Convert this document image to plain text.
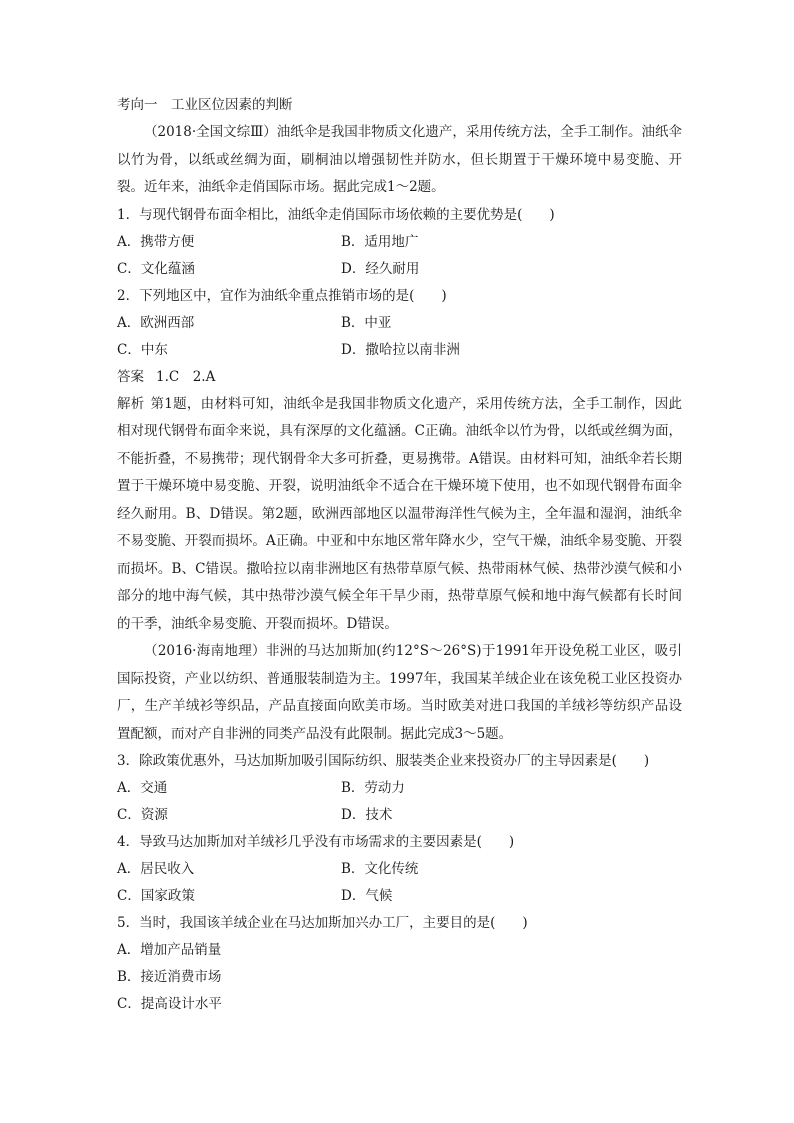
考向一　工业区位因素的判断

（2018·全国文综Ⅲ）油纸伞是我国非物质文化遗产，采用传统方法，全手工制作。油纸伞以竹为骨，以纸或丝绸为面，刷桐油以增强韧性并防水，但长期置于干燥环境中易变脆、开裂。近年来，油纸伞走俏国际市场。据此完成1～2题。

1．与现代钢骨布面伞相比，油纸伞走俏国际市场依赖的主要优势是(　　)
A．携带方便	B．适用地广
C．文化蕴涵	D．经久耐用
2．下列地区中，宜作为油纸伞重点推销市场的是(　　)
A．欧洲西部	B．中亚
C．中东	D．撒哈拉以南非洲
答案 1.C　2.A

解析 第1题，由材料可知，油纸伞是我国非物质文化遗产，采用传统方法，全手工制作，因此相对现代钢骨布面伞来说，具有深厚的文化蕴涵。C正确。油纸伞以竹为骨，以纸或丝绸为面，不能折叠，不易携带；现代钢骨伞大多可折叠，更易携带。A错误。由材料可知，油纸伞若长期置于干燥环境中易变脆、开裂，说明油纸伞不适合在干燥环境下使用，也不如现代钢骨布面伞经久耐用。B、D错误。第2题，欧洲西部地区以温带海洋性气候为主，全年温和湿润，油纸伞不易变脆、开裂而损坏。A正确。中亚和中东地区常年降水少，空气干燥，油纸伞易变脆、开裂而损坏。B、C错误。撒哈拉以南非洲地区有热带草原气候、热带雨林气候、热带沙漠气候和小部分的地中海气候，其中热带沙漠气候全年干旱少雨，热带草原气候和地中海气候都有长时间的干季，油纸伞易变脆、开裂而损坏。D错误。

（2016·海南地理）非洲的马达加斯加(约12°S～26°S)于1991年开设免税工业区，吸引国际投资，产业以纺织、普通服装制造为主。1997年，我国某羊绒企业在该免税工业区投资办厂，生产羊绒衫等织品，产品直接面向欧美市场。当时欧美对进口我国的羊绒衫等纺织产品设置配额，而对产自非洲的同类产品没有此限制。据此完成3～5题。

3．除政策优惠外，马达加斯加吸引国际纺织、服装类企业来投资办厂的主导因素是(　　)
A．交通	B．劳动力
C．资源	D．技术
4．导致马达加斯加对羊绒衫几乎没有市场需求的主要因素是(　　)
A．居民收入	B．文化传统
C．国家政策	D．气候
5．当时，我国该羊绒企业在马达加斯加兴办工厂，主要目的是(　　)
A．增加产品销量
B．接近消费市场
C．提高设计水平
